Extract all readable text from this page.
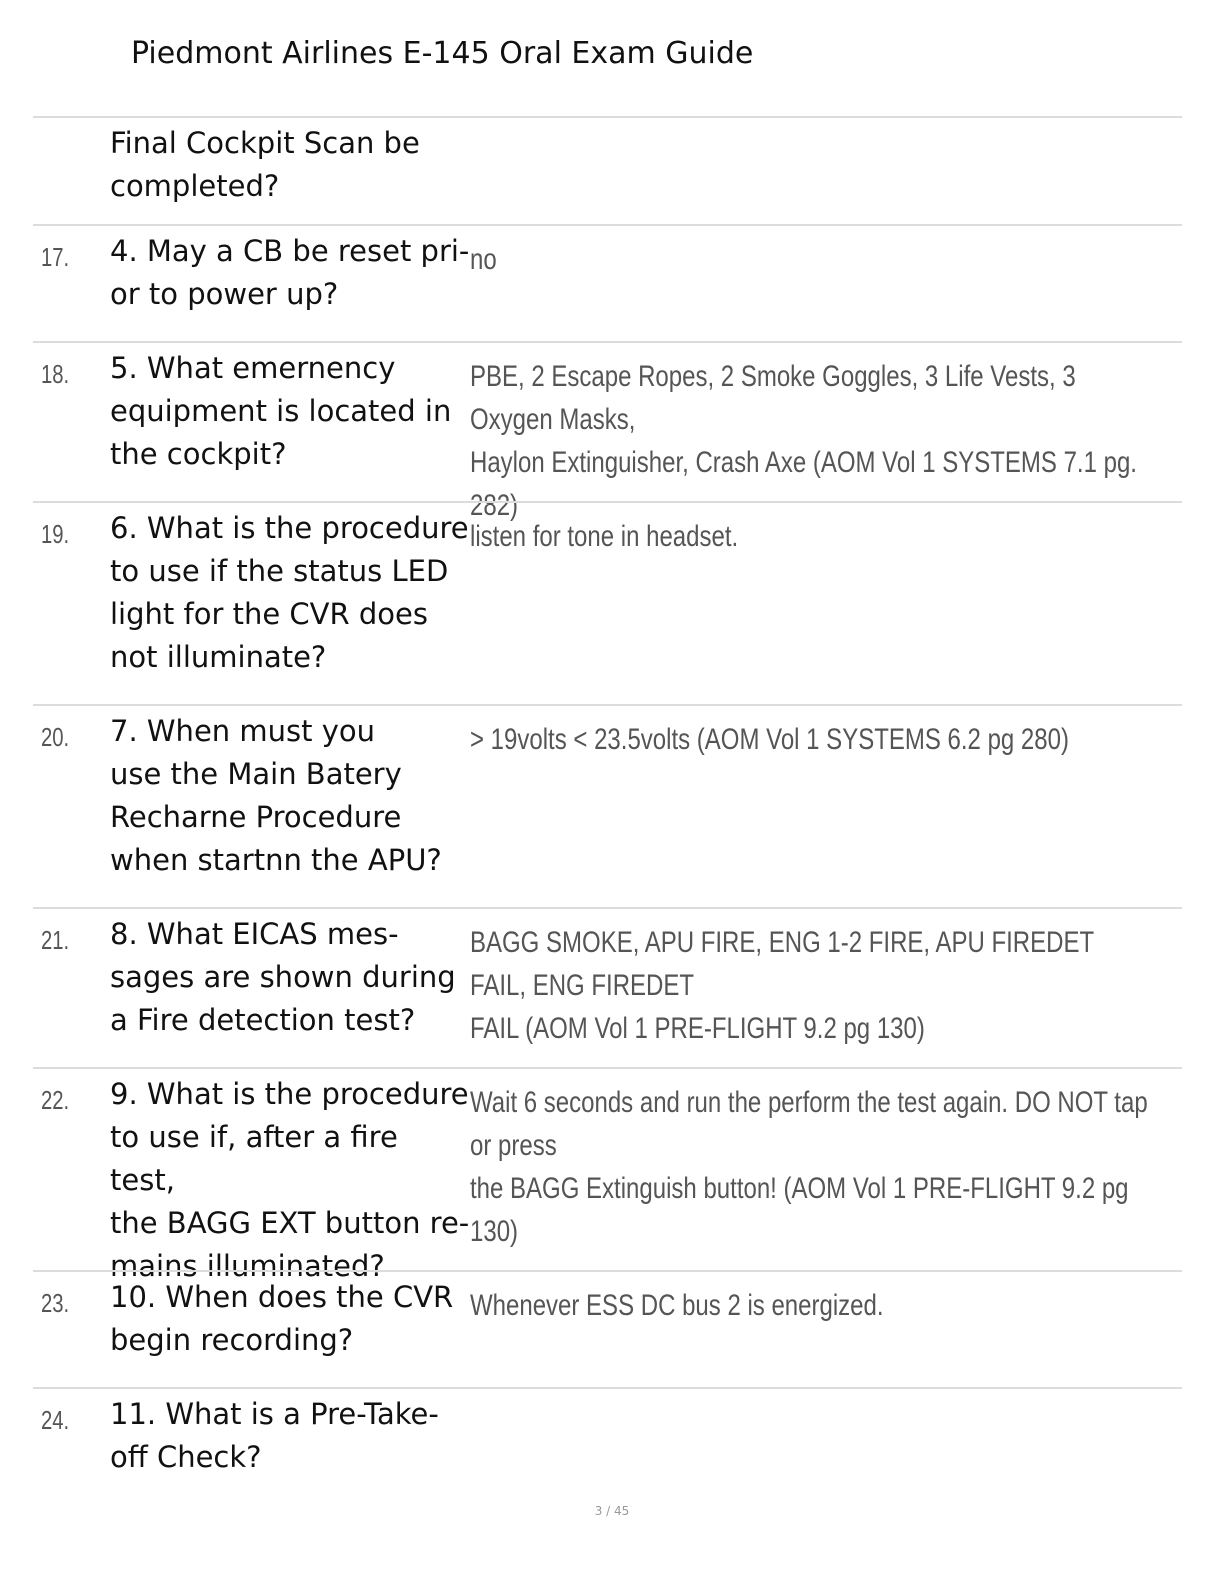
Piedmont Airlines E-145 Oral Exam Guide
Final Cockpit Scan be
completed?
17. 4. May a CB be reset pri-
or to power up?
no
18. 5. What emernency
equipment is located in
the cockpit?
PBE, 2 Escape Ropes, 2 Smoke Goggles, 3 Life Vests, 3 Oxygen Masks,
Haylon Extinguisher, Crash Axe (AOM Vol 1 SYSTEMS 7.1 pg. 282)
19. 6. What is the procedure
to use if the status LED
light for the CVR does
not illuminate?
listen for tone in headset.
20. 7. When must you
use the Main Batery
Recharne Procedure
when startnn the APU?
> 19volts < 23.5volts (AOM Vol 1 SYSTEMS 6.2 pg 280)
21. 8. What EICAS mes-
sages are shown during
a Fire detection test?
BAGG SMOKE, APU FIRE, ENG 1-2 FIRE, APU FIREDET FAIL, ENG FIREDET
FAIL (AOM Vol 1 PRE-FLIGHT 9.2 pg 130)
22. 9. What is the procedure
to use if, after a fire test,
the BAGG EXT button re-
mains illuminated?
Wait 6 seconds and run the perform the test again. DO NOT tap or press
the BAGG Extinguish button! (AOM Vol 1 PRE-FLIGHT 9.2 pg 130)
23. 10. When does the CVR
begin recording?
Whenever ESS DC bus 2 is energized.
24. 11. What is a Pre-Take-
off Check?
3 / 45
